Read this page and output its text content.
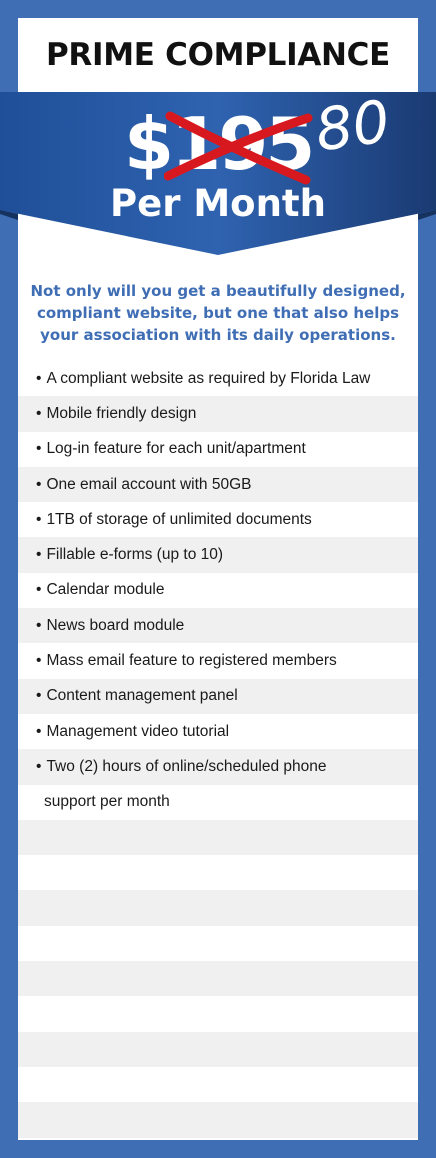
PRIME COMPLIANCE
$195
80
Per Month
Not only will you get a beautifully designed, compliant website, but one that also helps your association with its daily operations.
• A compliant website as required by Florida Law
• Mobile friendly design
• Log-in feature for each unit/apartment
• One email account with 50GB
• 1TB of storage of unlimited documents
• Fillable e-forms (up to 10)
• Calendar module
• News board module
• Mass email feature to registered members
• Content management panel
• Management video tutorial
• Two (2) hours of online/scheduled phone
support per month
